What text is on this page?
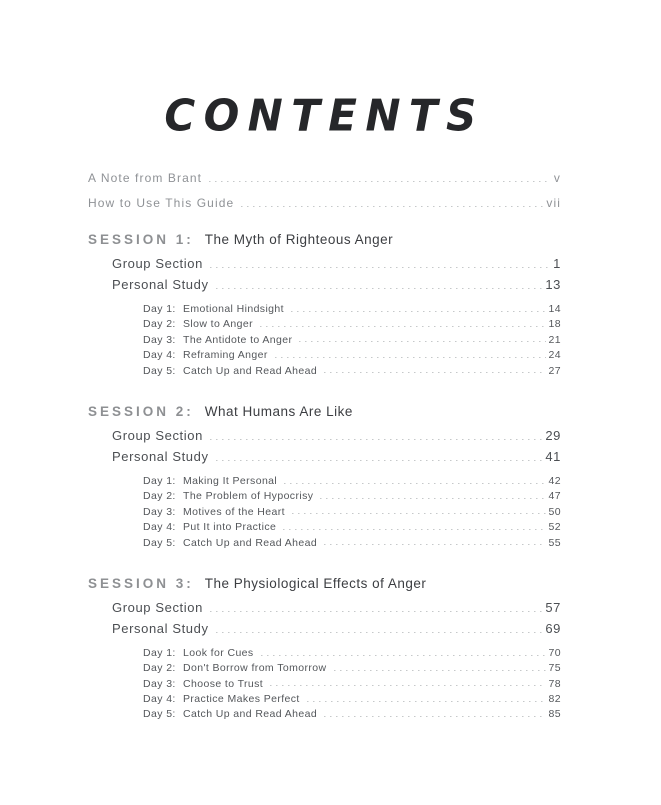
CONTENTS
A Note from Brant	v
How to Use This Guide	vii
SESSION 1: The Myth of Righteous Anger
Group Section	1
Personal Study	13
Day 1: Emotional Hindsight	14
Day 2: Slow to Anger	18
Day 3: The Antidote to Anger	21
Day 4: Reframing Anger	24
Day 5: Catch Up and Read Ahead	27
SESSION 2: What Humans Are Like
Group Section	29
Personal Study	41
Day 1: Making It Personal	42
Day 2: The Problem of Hypocrisy	47
Day 3: Motives of the Heart	50
Day 4: Put It into Practice	52
Day 5: Catch Up and Read Ahead	55
SESSION 3: The Physiological Effects of Anger
Group Section	57
Personal Study	69
Day 1: Look for Cues	70
Day 2: Don't Borrow from Tomorrow	75
Day 3: Choose to Trust	78
Day 4: Practice Makes Perfect	82
Day 5: Catch Up and Read Ahead	85
